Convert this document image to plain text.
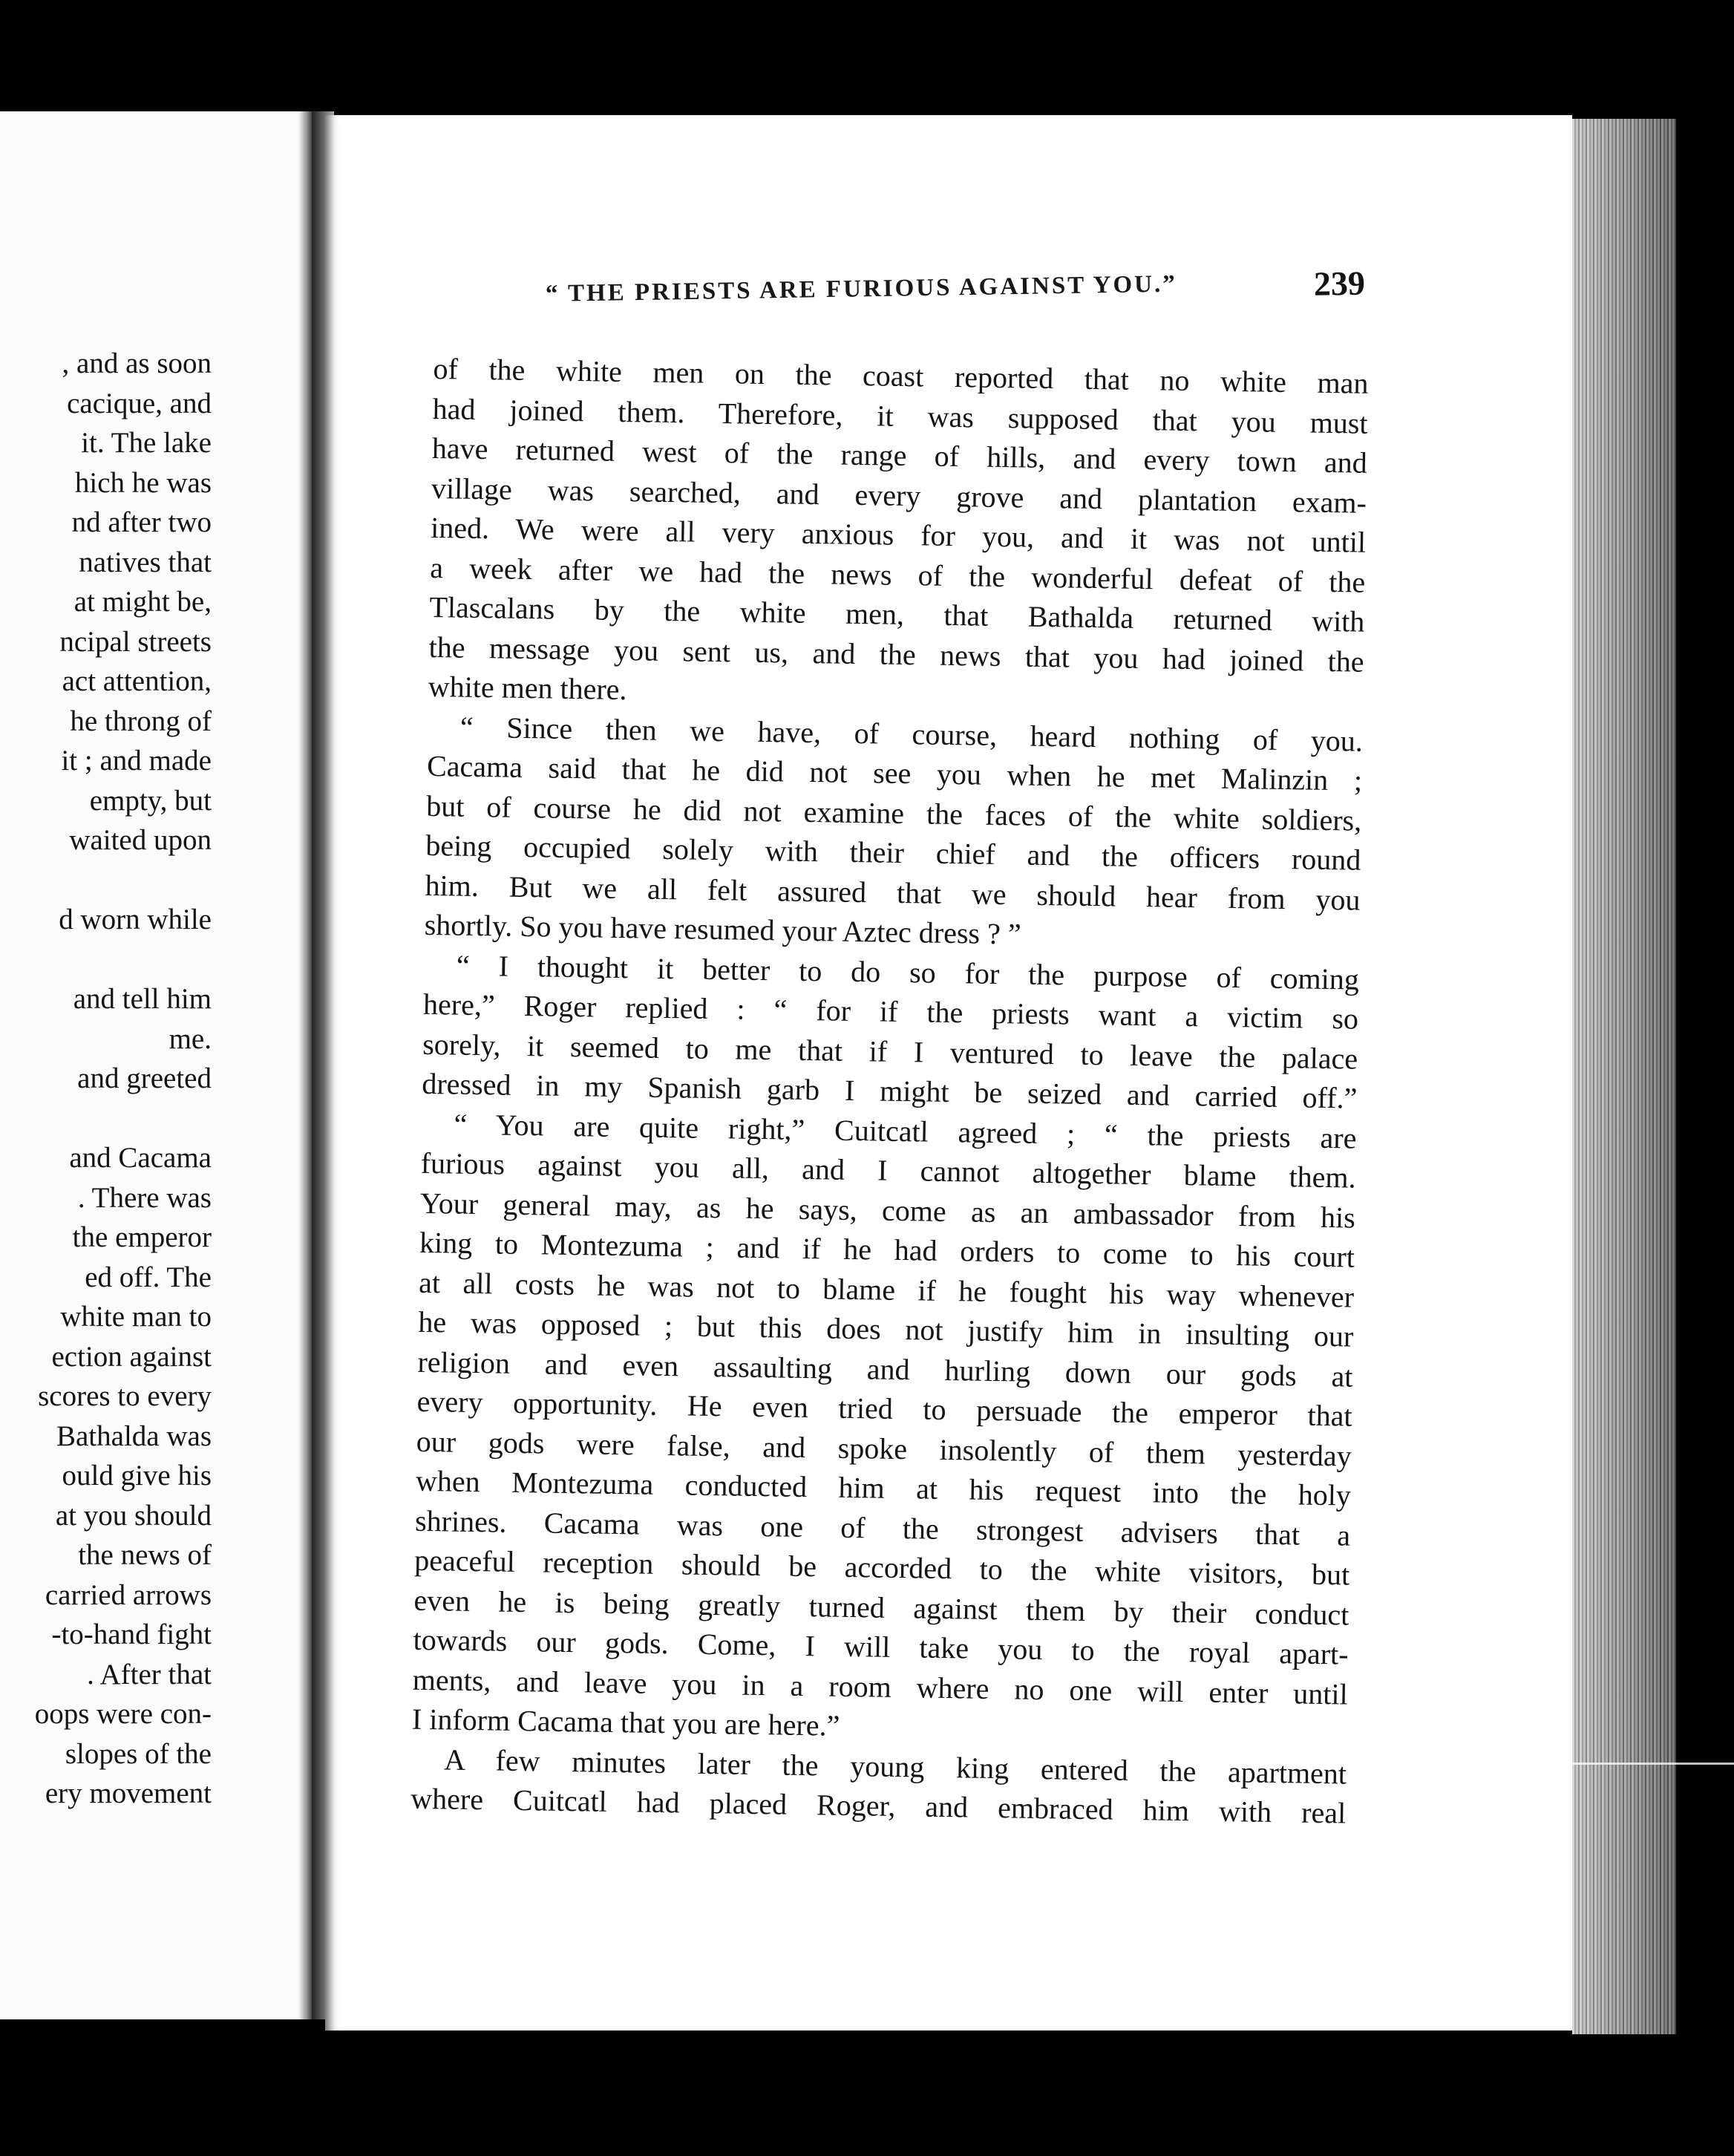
, and as soon
cacique, and
it. The lake
hich he was
nd after two
natives that
at might be,
ncipal streets
act attention,
he throng of
it ; and made
empty, but
waited upon
d worn while
and tell him
me.
and greeted
and Cacama
. There was
the emperor
ed off. The
white man to
ection against
scores to every
Bathalda was
ould give his
at you should
the news of
carried arrows
-to-hand fight
. After that
oops were con-
slopes of the
ery movement
“ THE PRIESTS ARE FURIOUS AGAINST YOU.”	239
of the white men on the coast reported that no white man
had joined them. Therefore, it was supposed that you must
have returned west of the range of hills, and every town and
village was searched, and every grove and plantation exam-
ined. We were all very anxious for you, and it was not until
a week after we had the news of the wonderful defeat of the
Tlascalans by the white men, that Bathalda returned with
the message you sent us, and the news that you had joined the
white men there.
“ Since then we have, of course, heard nothing of you.
Cacama said that he did not see you when he met Malinzin ;
but of course he did not examine the faces of the white soldiers,
being occupied solely with their chief and the officers round
him. But we all felt assured that we should hear from you
shortly. So you have resumed your Aztec dress ? ”
“ I thought it better to do so for the purpose of coming
here,” Roger replied : “ for if the priests want a victim so
sorely, it seemed to me that if I ventured to leave the palace
dressed in my Spanish garb I might be seized and carried off.”
“ You are quite right,” Cuitcatl agreed ; “ the priests are
furious against you all, and I cannot altogether blame them.
Your general may, as he says, come as an ambassador from his
king to Montezuma ; and if he had orders to come to his court
at all costs he was not to blame if he fought his way whenever
he was opposed ; but this does not justify him in insulting our
religion and even assaulting and hurling down our gods at
every opportunity. He even tried to persuade the emperor that
our gods were false, and spoke insolently of them yesterday
when Montezuma conducted him at his request into the holy
shrines. Cacama was one of the strongest advisers that a
peaceful reception should be accorded to the white visitors, but
even he is being greatly turned against them by their conduct
towards our gods. Come, I will take you to the royal apart-
ments, and leave you in a room where no one will enter until
I inform Cacama that you are here.”
A few minutes later the young king entered the apartment
where Cuitcatl had placed Roger, and embraced him with real
